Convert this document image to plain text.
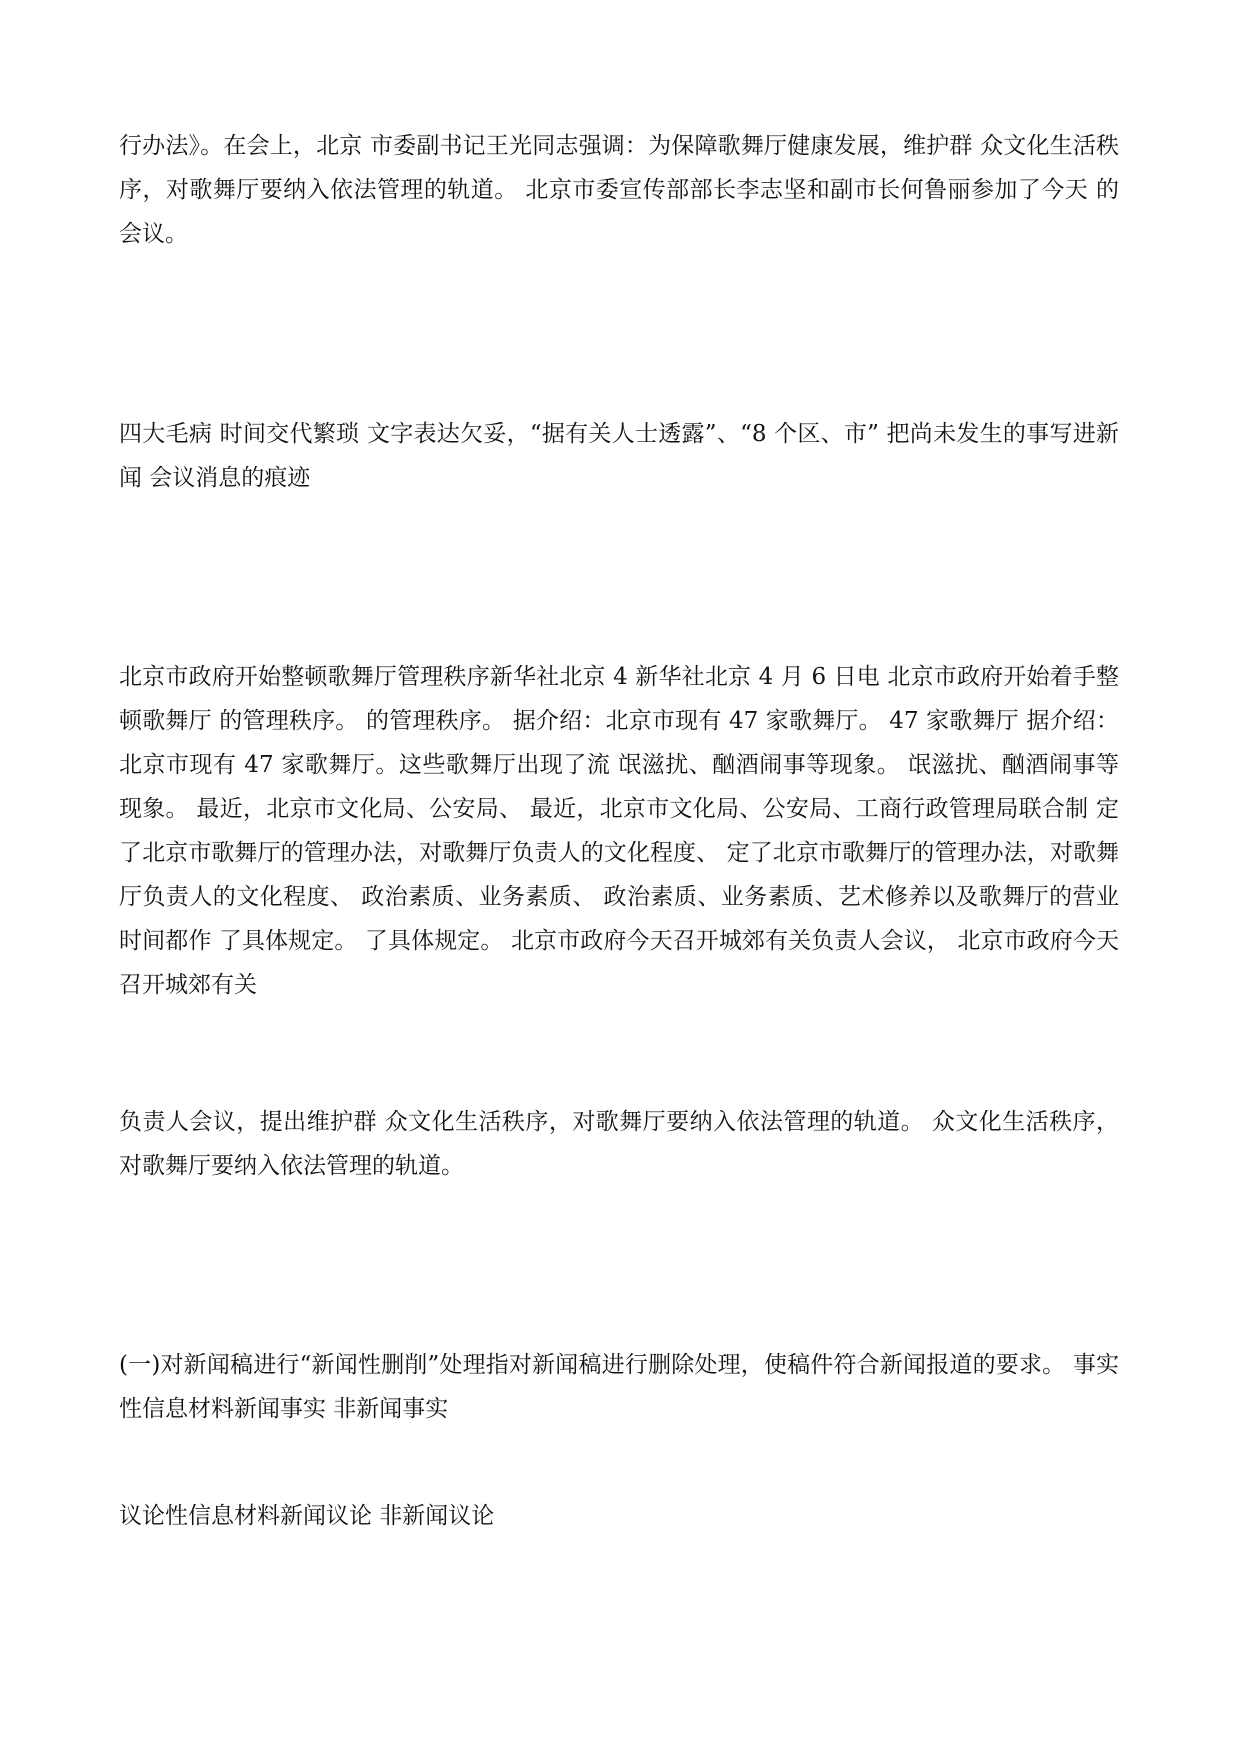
行办法》。在会上，北京 市委副书记王光同志强调：为保障歌舞厅健康发展，维护群 众文化生活秩序，对歌舞厅要纳入依法管理的轨道。 北京市委宣传部部长李志坚和副市长何鲁丽参加了今天 的会议。

四大毛病 时间交代繁琐 文字表达欠妥，“据有关人士透露”、“8 个区、市” 把尚未发生的事写进新闻 会议消息的痕迹

北京市政府开始整顿歌舞厅管理秩序新华社北京 4 新华社北京 4 月 6 日电 北京市政府开始着手整顿歌舞厅 的管理秩序。 的管理秩序。 据介绍：北京市现有 47 家歌舞厅。 47 家歌舞厅 据介绍：北京市现有 47 家歌舞厅。这些歌舞厅出现了流 氓滋扰、酗酒闹事等现象。 氓滋扰、酗酒闹事等现象。 最近，北京市文化局、公安局、 最近，北京市文化局、公安局、工商行政管理局联合制 定了北京市歌舞厅的管理办法，对歌舞厅负责人的文化程度、 定了北京市歌舞厅的管理办法，对歌舞厅负责人的文化程度、 政治素质、业务素质、 政治素质、业务素质、艺术修养以及歌舞厅的营业时间都作 了具体规定。 了具体规定。 北京市政府今天召开城郊有关负责人会议， 北京市政府今天召开城郊有关

负责人会议，提出维护群 众文化生活秩序，对歌舞厅要纳入依法管理的轨道。 众文化生活秩序，对歌舞厅要纳入依法管理的轨道。

(一)对新闻稿进行“新闻性删削”处理指对新闻稿进行删除处理，使稿件符合新闻报道的要求。 事实性信息材料新闻事实 非新闻事实

议论性信息材料新闻议论 非新闻议论
